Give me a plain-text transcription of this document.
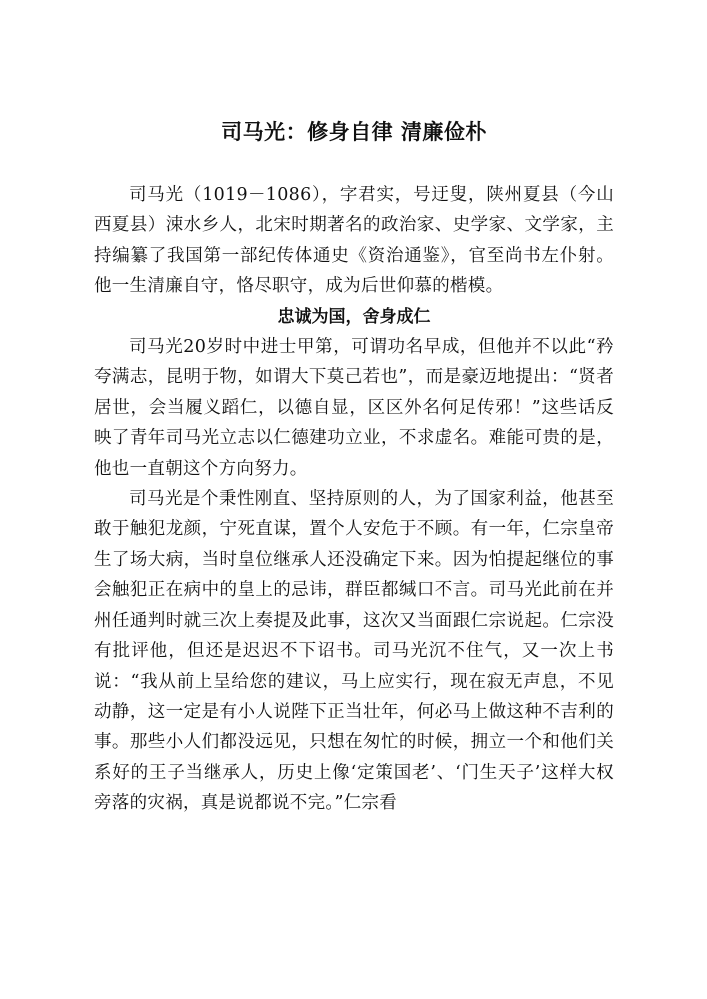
司马光：修身自律 清廉俭朴

司马光（1019－1086），字君实，号迂叟，陕州夏县（今山西夏县）涑水乡人，北宋时期著名的政治家、史学家、文学家，主持编纂了我国第一部纪传体通史《资治通鉴》，官至尚书左仆射。他一生清廉自守，恪尽职守，成为后世仰慕的楷模。

忠诚为国，舍身成仁

司马光20岁时中进士甲第，可谓功名早成，但他并不以此“矜夸满志，昆明于物，如谓大下莫己若也”，而是豪迈地提出：“贤者居世，会当履义蹈仁，以德自显，区区外名何足传邪！”这些话反映了青年司马光立志以仁德建功立业，不求虚名。难能可贵的是，他也一直朝这个方向努力。

司马光是个秉性刚直、坚持原则的人，为了国家利益，他甚至敢于触犯龙颜，宁死直谋，置个人安危于不顾。有一年，仁宗皇帝生了场大病，当时皇位继承人还没确定下来。因为怕提起继位的事会触犯正在病中的皇上的忌讳，群臣都缄口不言。司马光此前在并州任通判时就三次上奏提及此事，这次又当面跟仁宗说起。仁宗没有批评他，但还是迟迟不下诏书。司马光沉不住气，又一次上书说：“我从前上呈给您的建议，马上应实行，现在寂无声息，不见动静，这一定是有小人说陛下正当壮年，何必马上做这种不吉利的事。那些小人们都没远见，只想在匆忙的时候，拥立一个和他们关系好的王子当继承人，历史上像‘定策国老’、‘门生天子’这样大权旁落的灾祸，真是说都说不完。”仁宗看
